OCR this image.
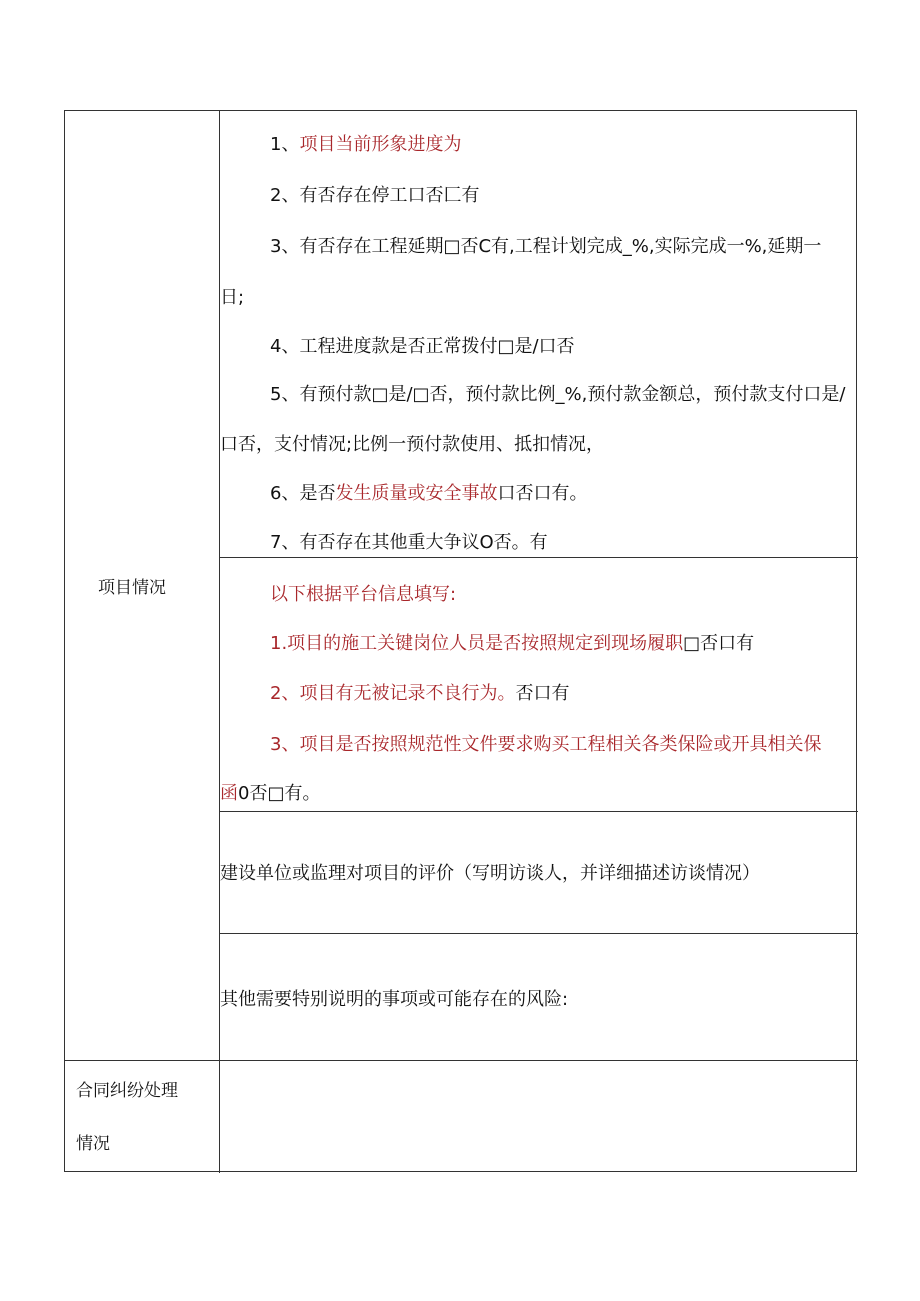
项目情况
合同纠纷处理
情况
1、项目当前形象进度为
2、有否存在停工口否匚有
3、有否存在工程延期□否C有,工程计划完成_%,实际完成一%,延期一
日;
4、工程进度款是否正常拨付□是/口否
5、有预付款□是/□否，预付款比例_%,预付款金额总，预付款支付口是/
口否，支付情况;比例一预付款使用、抵扣情况，
6、是否发生质量或安全事故口否口有。
7、有否存在其他重大争议O否。有
以下根据平台信息填写:
1.项目的施工关键岗位人员是否按照规定到现场履职□否口有
2、项目有无被记录不良行为。否口有
3、项目是否按照规范性文件要求购买工程相关各类保险或开具相关保
函0否□有。
建设单位或监理对项目的评价（写明访谈人，并详细描述访谈情况）
其他需要特别说明的事项或可能存在的风险:
